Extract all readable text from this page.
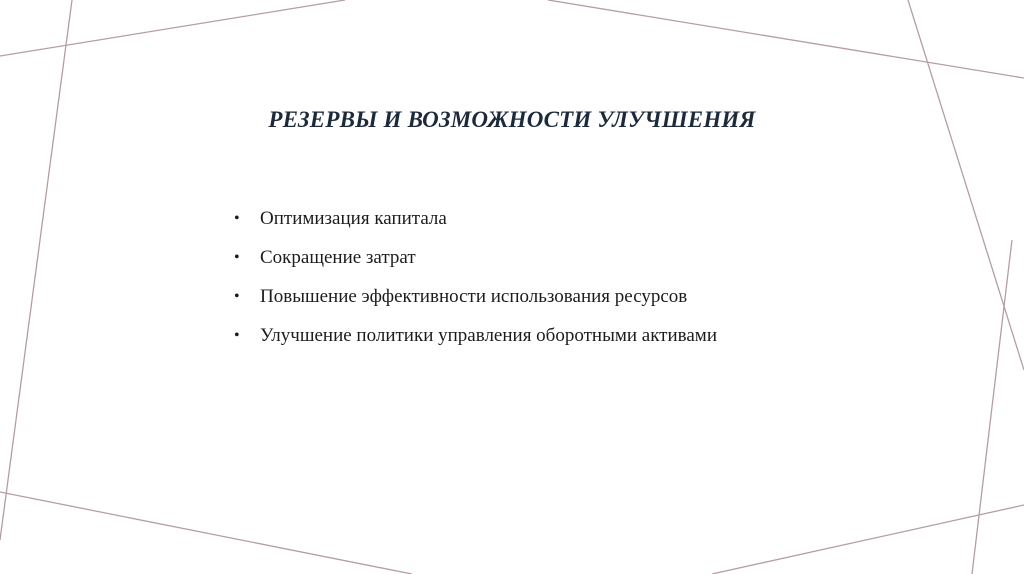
РЕЗЕРВЫ И ВОЗМОЖНОСТИ УЛУЧШЕНИЯ
• Оптимизация капитала
• Сокращение затрат
• Повышение эффективности использования ресурсов
• Улучшение политики управления оборотными активами
